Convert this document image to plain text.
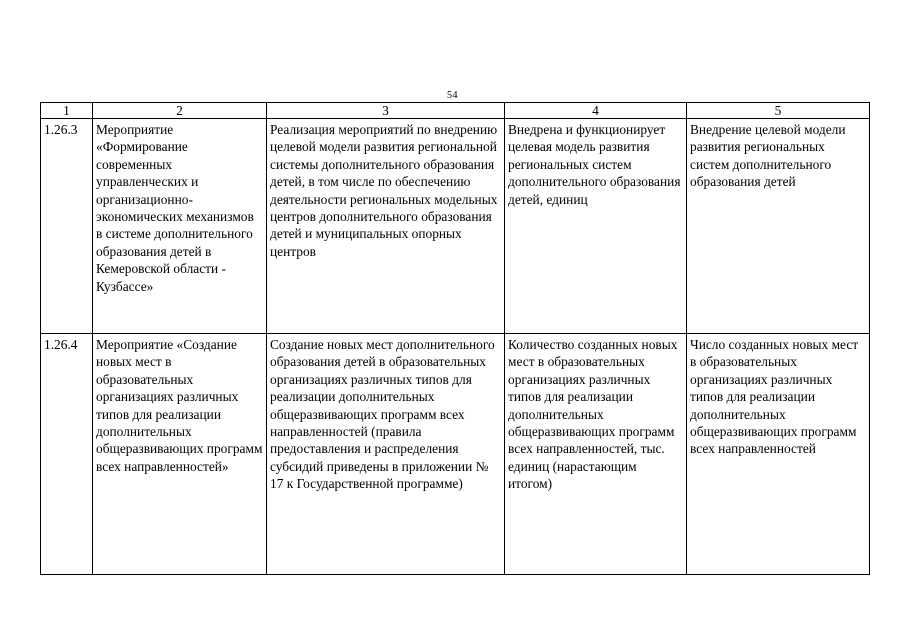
54
1	2	3	4	5
1.26.3	Мероприятие «Формирование современных управленческих и организационно-экономических механизмов в системе дополнительного образования детей в Кемеровской области - Кузбассе»	Реализация мероприятий по внедрению целевой модели развития региональной системы дополнительного образования детей, в том числе по обеспечению деятельности региональных модельных центров дополнительного образования детей и муниципальных опорных центров	Внедрена и функционирует целевая модель развития региональных систем дополнительного образования детей, единиц	Внедрение целевой модели развития региональных систем дополнительного образования детей
1.26.4	Мероприятие «Создание новых мест в образовательных организациях различных типов для реализации дополнительных общеразвивающих программ всех направленностей»	Создание новых мест дополнительного образования детей в образовательных организациях различных типов для реализации дополнительных общеразвивающих программ всех направленностей (правила предоставления и распределения субсидий приведены в приложении № 17 к Государственной программе)	Количество созданных новых мест в образовательных организациях различных типов для реализации дополнительных общеразвивающих программ всех направленностей, тыс. единиц (нарастающим итогом)	Число созданных новых мест в образовательных организациях различных типов для реализации дополнительных общеразвивающих программ всех направленностей
